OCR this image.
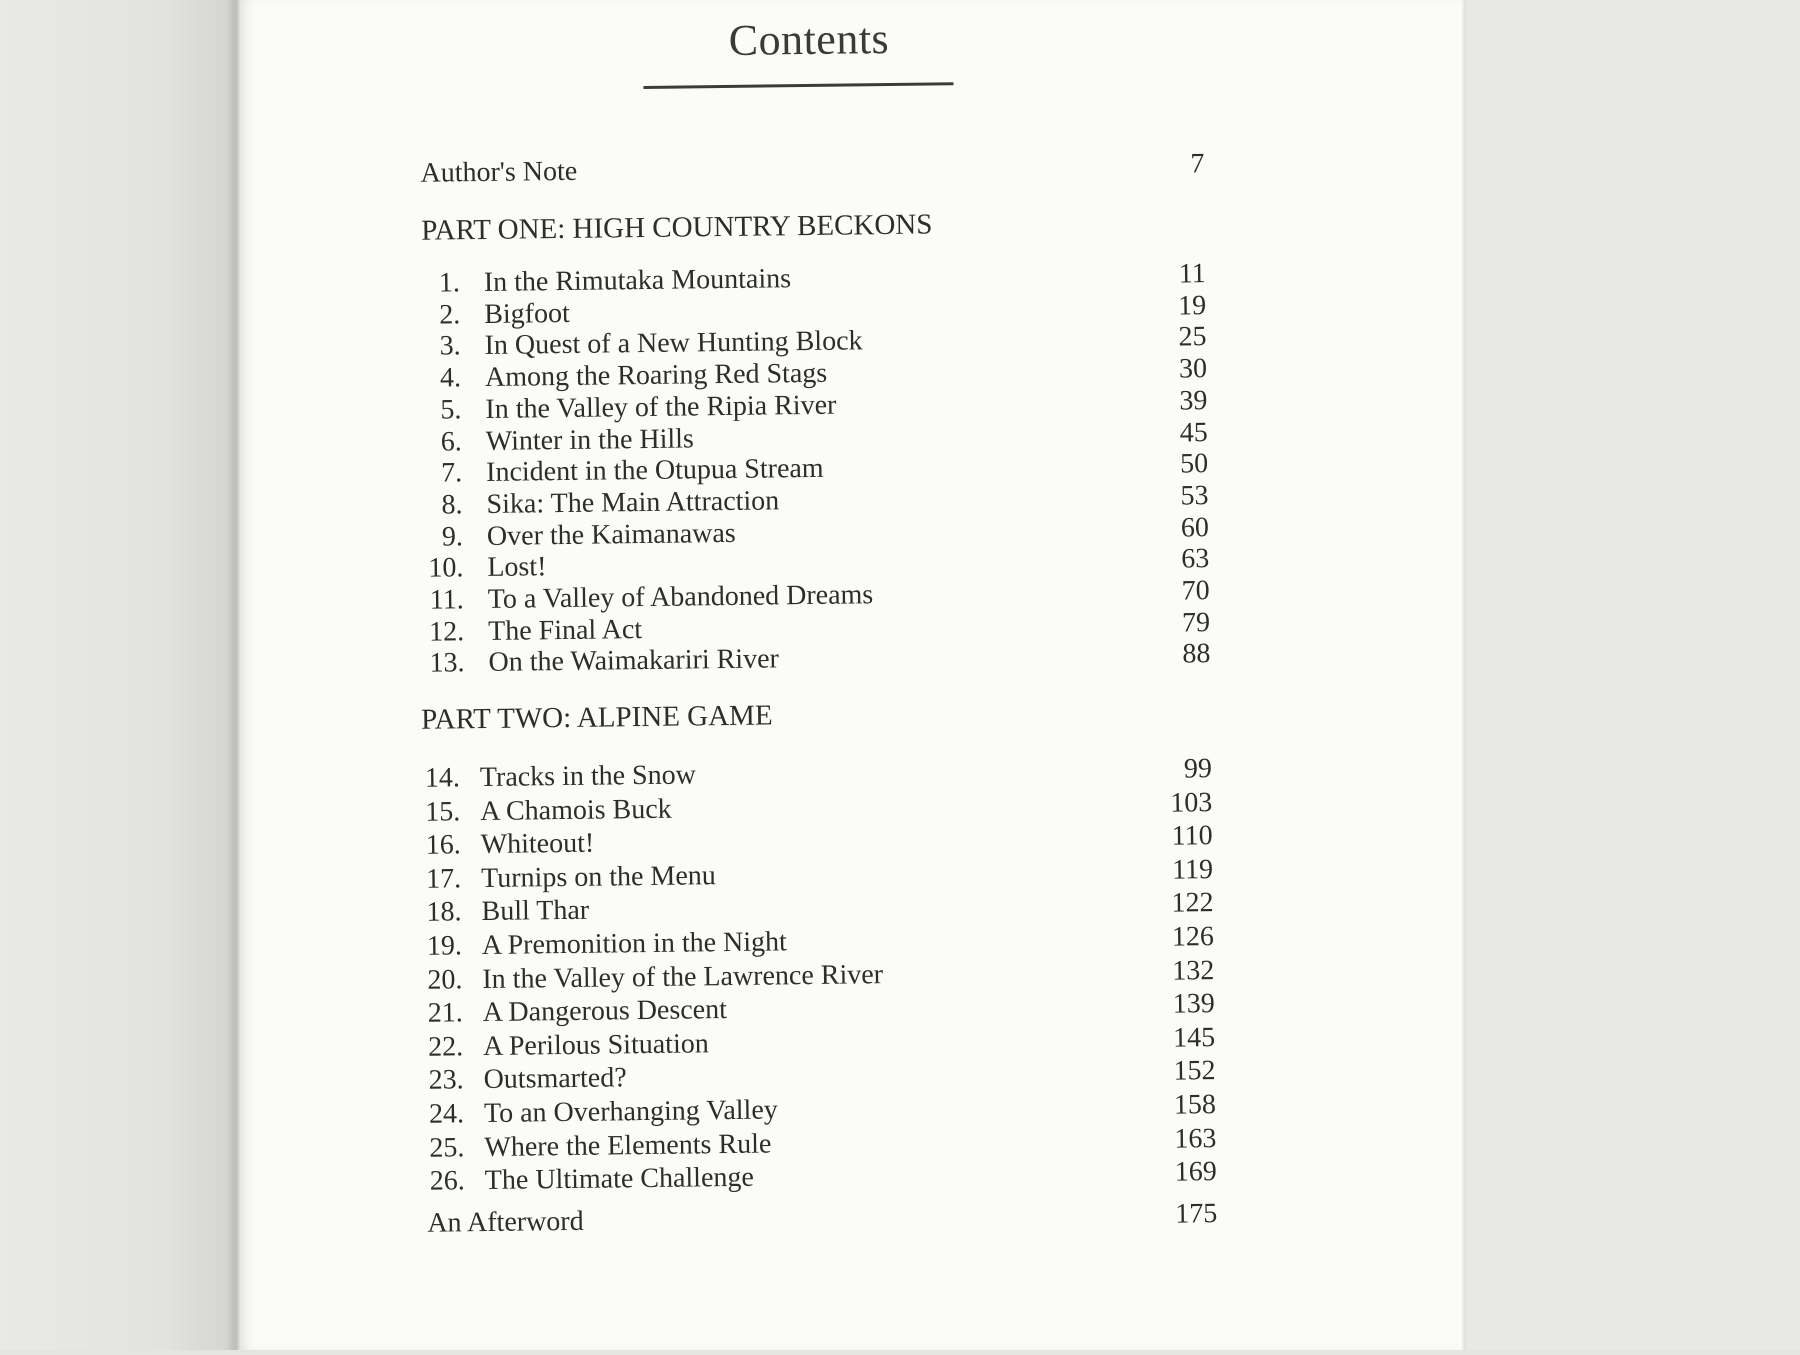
Contents
Author's Note	7
PART ONE: HIGH COUNTRY BECKONS
1. In the Rimutaka Mountains	11
2. Bigfoot	19
3. In Quest of a New Hunting Block	25
4. Among the Roaring Red Stags	30
5. In the Valley of the Ripia River	39
6. Winter in the Hills	45
7. Incident in the Otupua Stream	50
8. Sika: The Main Attraction	53
9. Over the Kaimanawas	60
10. Lost!	63
11. To a Valley of Abandoned Dreams	70
12. The Final Act	79
13. On the Waimakariri River	88
PART TWO: ALPINE GAME
14. Tracks in the Snow	99
15. A Chamois Buck	103
16. Whiteout!	110
17. Turnips on the Menu	119
18. Bull Thar	122
19. A Premonition in the Night	126
20. In the Valley of the Lawrence River	132
21. A Dangerous Descent	139
22. A Perilous Situation	145
23. Outsmarted?	152
24. To an Overhanging Valley	158
25. Where the Elements Rule	163
26. The Ultimate Challenge	169
An Afterword	175
